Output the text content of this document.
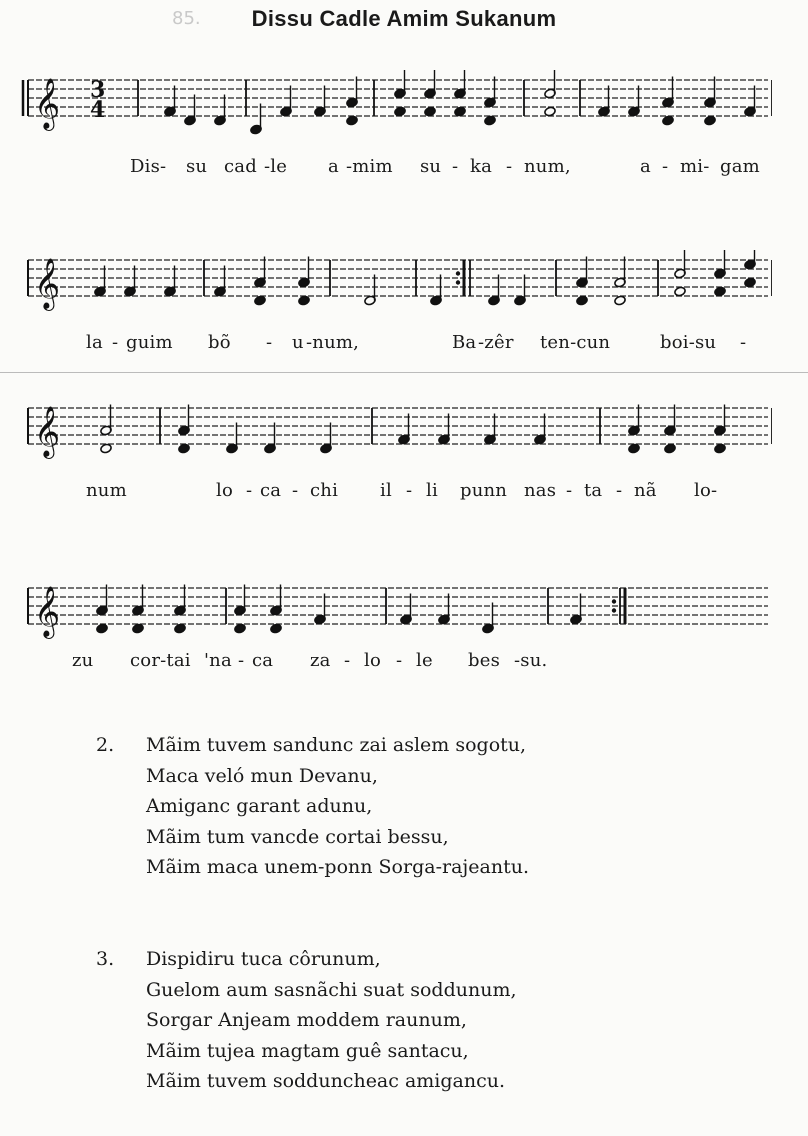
85.	Dissu Cadle Amim Sukanum
𝄞 3
4
Dis- su cad -le a -mim su - ka - num,	a - mi- gam
𝄞
la - guim bõ - u -num,	Ba -zêr ten-cun	boi-su -
𝄞
num	lo - ca - chi il - li punn nas - ta - nã lo-
𝄞
zu cor-tai 'na - ca za - lo - le bes -su.
2.	Mãim tuvem sandunc zai aslem sogotu,
Maca veló mun Devanu,
Amiganc garant adunu,
Mãim tum vancde cortai bessu,
Mãim maca unem-ponn Sorga-rajeantu.
3.	Dispidiru tuca côrunum,
Guelom aum sasnãchi suat soddunum,
Sorgar Anjeam moddem raunum,
Mãim tujea magtam guê santacu,
Mãim tuvem sodduncheac amigancu.
